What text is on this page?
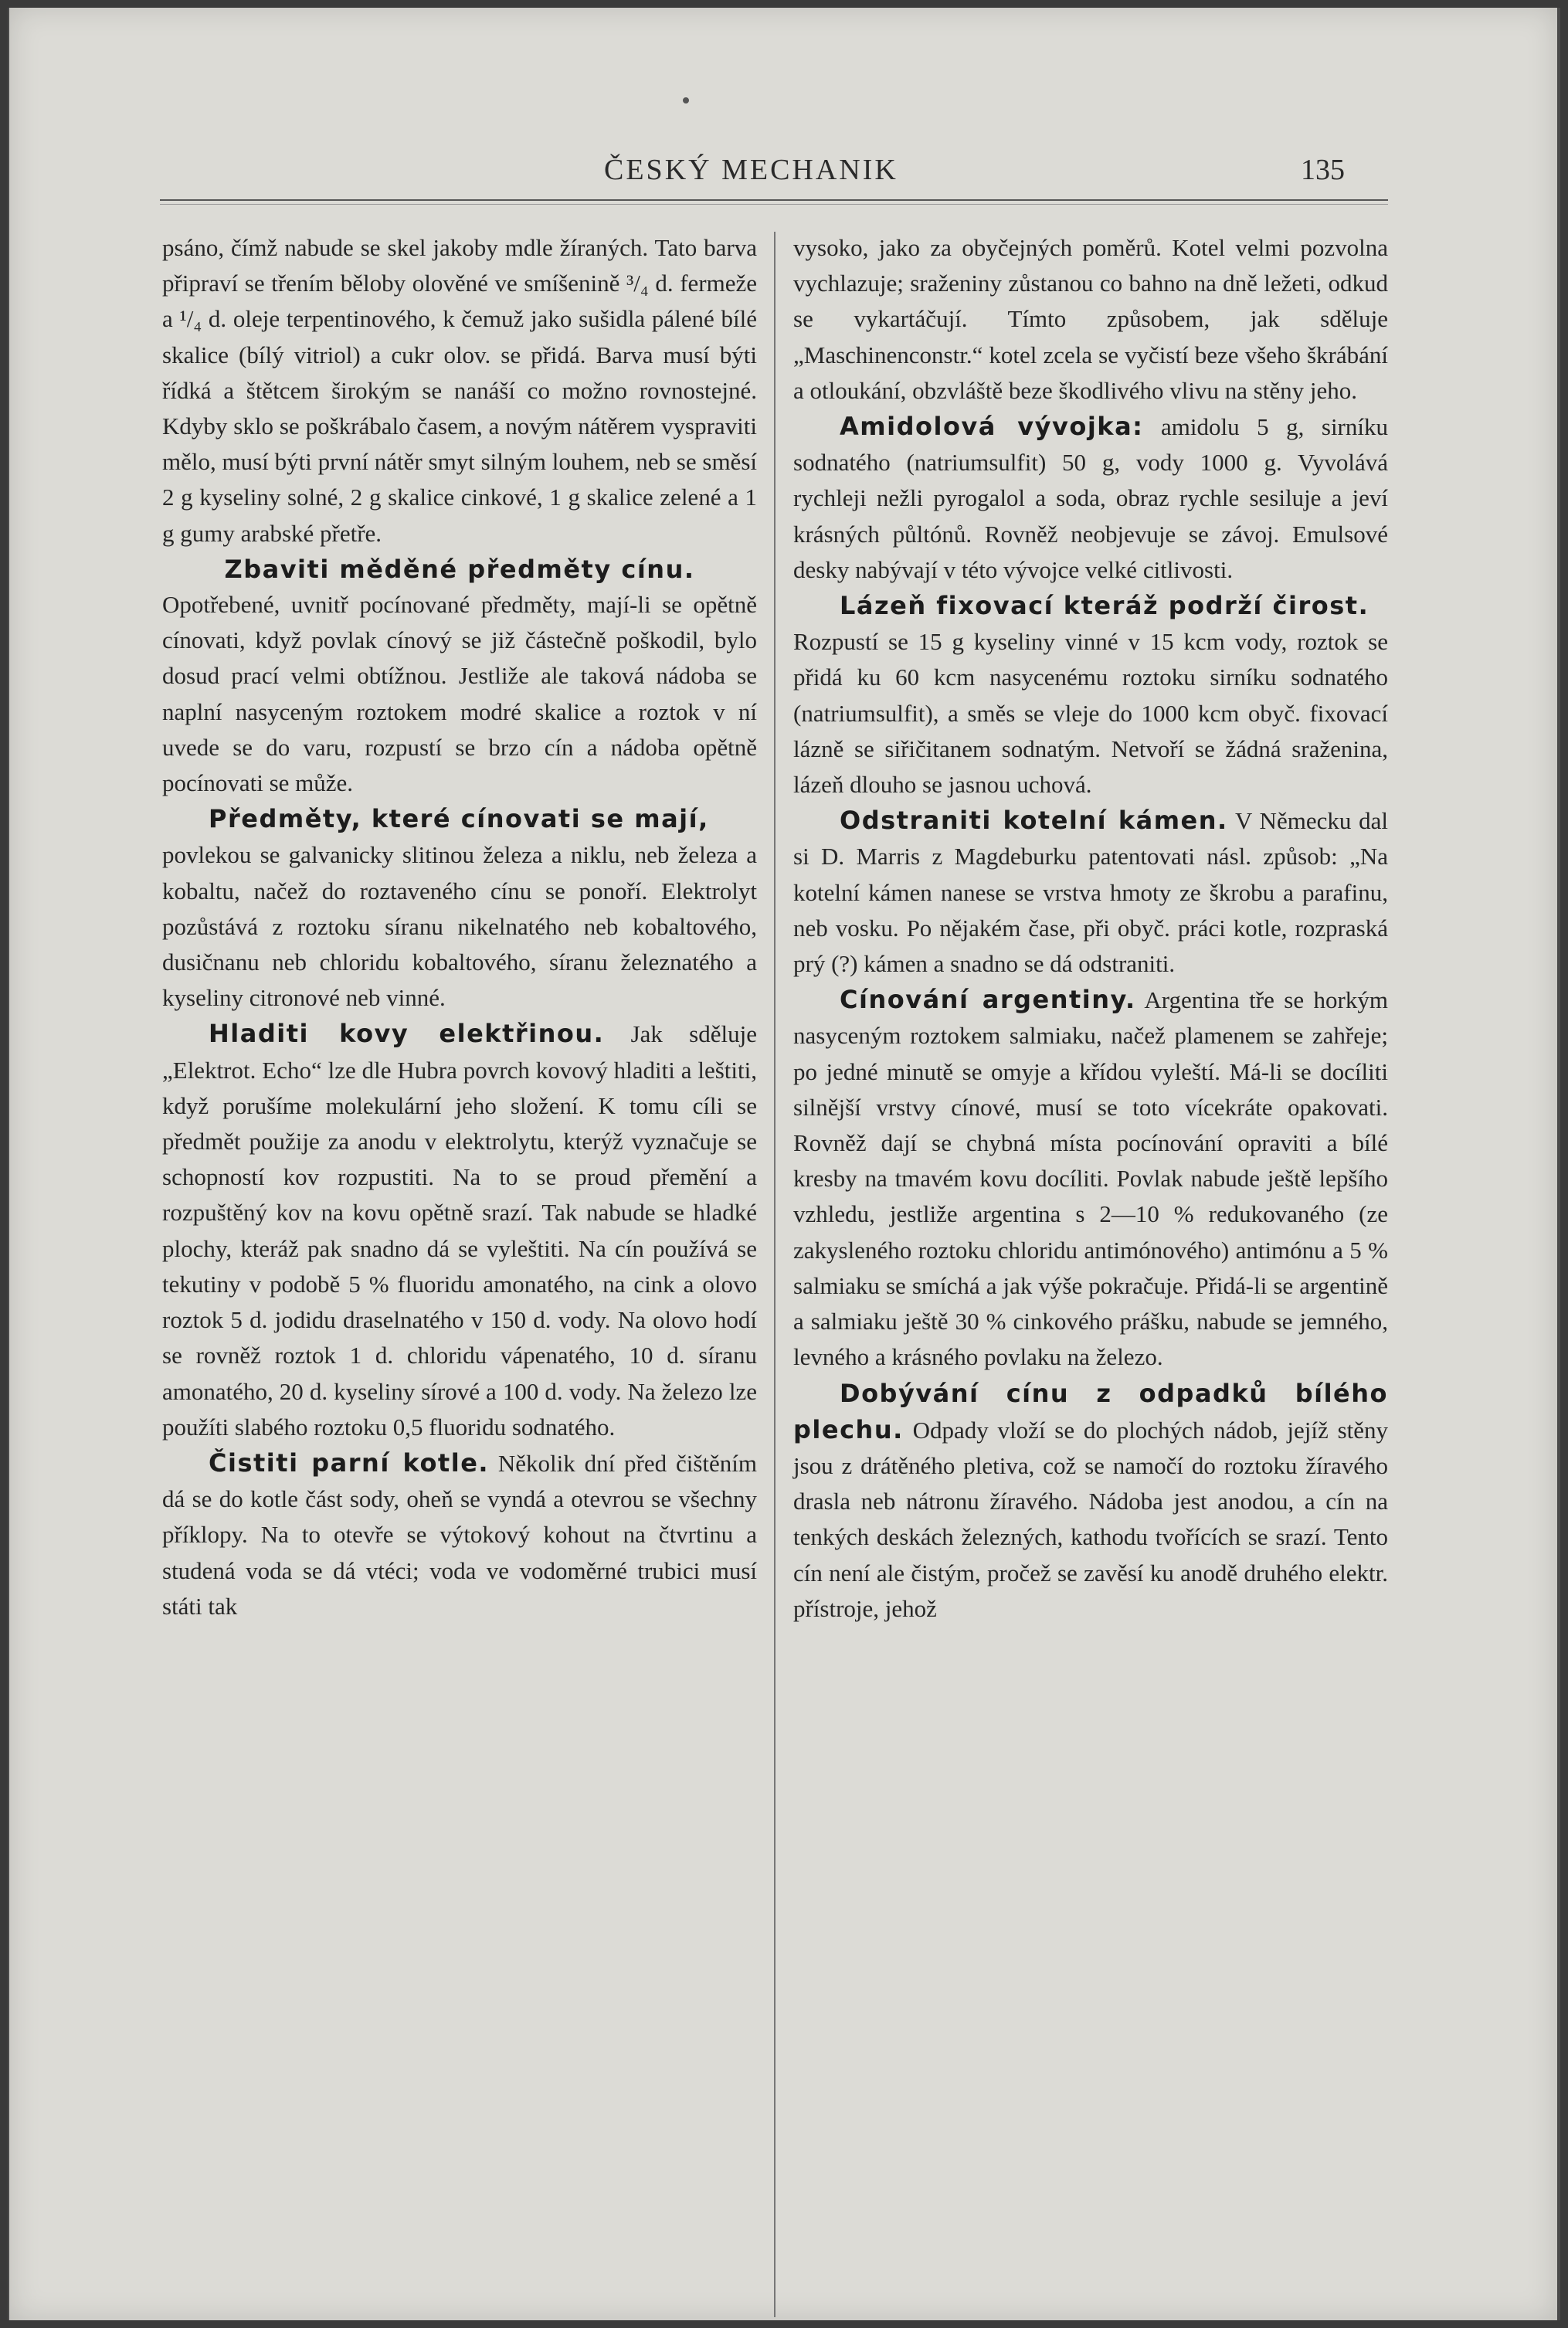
ČESKÝ MECHANIK	135

psáno, čímž nabude se skel jakoby mdle žíraných. Tato barva připraví se třením běloby olověné ve smíšenině ³/₄ d. fermeže a ¹/₄ d. oleje terpentinového, k čemuž jako sušidla pálené bílé skalice (bílý vitriol) a cukr olov. se přidá. Barva musí býti řídká a štětcem širokým se nanáší co možno rovnostejné. Kdyby sklo se poškrábalo časem, a novým nátěrem vyspraviti mělo, musí býti první nátěr smyt silným louhem, neb se směsí 2 g kyseliny solné, 2 g skalice cinkové, 1 g skalice zelené a 1 g gumy arabské přetře.

Zbaviti měděné předměty cínu.

Opotřebené, uvnitř pocínované předměty, mají-li se opětně cínovati, když povlak cínový se již částečně poškodil, bylo dosud prací velmi obtížnou. Jestliže ale taková nádoba se naplní nasyceným roztokem modré skalice a roztok v ní uvede se do varu, rozpustí se brzo cín a nádoba opětně pocínovati se může.

Předměty, které cínovati se mají,

povlekou se galvanicky slitinou železa a niklu, neb železa a kobaltu, načež do roztaveného cínu se ponoří. Elektrolyt pozůstává z roztoku síranu nikelnatého neb kobaltového, dusičnanu neb chloridu kobaltového, síranu železnatého a kyseliny citronové neb vinné.

Hladiti kovy elektřinou. Jak sděluje „Elektrot. Echo“ lze dle Hubra povrch kovový hladiti a leštiti, když porušíme molekulární jeho složení. K tomu cíli se předmět použije za anodu v elektrolytu, kterýž vyznačuje se schopností kov rozpustiti. Na to se proud přemění a rozpuštěný kov na kovu opětně srazí. Tak nabude se hladké plochy, kteráž pak snadno dá se vyleštiti. Na cín používá se tekutiny v podobě 5 % fluoridu amonatého, na cink a olovo roztok 5 d. jodidu draselnatého v 150 d. vody. Na olovo hodí se rovněž roztok 1 d. chloridu vápenatého, 10 d. síranu amonatého, 20 d. kyseliny sírové a 100 d. vody. Na železo lze použíti slabého roztoku 0,5 fluoridu sodnatého.

Čistiti parní kotle. Několik dní před čištěním dá se do kotle část sody, oheň se vyndá a otevrou se všechny příklopy. Na to otevře se výtokový kohout na čtvrtinu a studená voda se dá vtéci; voda ve vodoměrné trubici musí státi tak

vysoko, jako za obyčejných poměrů. Kotel velmi pozvolna vychlazuje; sraženiny zůstanou co bahno na dně ležeti, odkud se vykartáčují. Tímto způsobem, jak sděluje „Maschinenconstr.“ kotel zcela se vyčistí beze všeho škrábání a otloukání, obzvláště beze škodlivého vlivu na stěny jeho.

Amidolová vývojka: amidolu 5 g, sirníku sodnatého (natriumsulfit) 50 g, vody 1000 g. Vyvolává rychleji nežli pyrogalol a soda, obraz rychle sesiluje a jeví krásných půltónů. Rovněž neobjevuje se závoj. Emulsové desky nabývají v této vývojce velké citlivosti.

Lázeň fixovací kteráž podrží čirost.

Rozpustí se 15 g kyseliny vinné v 15 kcm vody, roztok se přidá ku 60 kcm nasycenému roztoku sirníku sodnatého (natriumsulfit), a směs se vleje do 1000 kcm obyč. fixovací lázně se siřičitanem sodnatým. Netvoří se žádná sraženina, lázeň dlouho se jasnou uchová.

Odstraniti kotelní kámen. V Německu dal si D. Marris z Magdeburku patentovati násl. způsob: „Na kotelní kámen nanese se vrstva hmoty ze škrobu a parafinu, neb vosku. Po nějakém čase, při obyč. práci kotle, rozpraská prý (?) kámen a snadno se dá odstraniti.

Cínování argentiny. Argentina tře se horkým nasyceným roztokem salmiaku, načež plamenem se zahřeje; po jedné minutě se omyje a křídou vyleští. Má-li se docíliti silnější vrstvy cínové, musí se toto vícekráte opakovati. Rovněž dají se chybná místa pocínování opraviti a bílé kresby na tmavém kovu docíliti. Povlak nabude ještě lepšího vzhledu, jestliže argentina s 2—10 % redukovaného (ze zakysleného roztoku chloridu antimónového) antimónu a 5 % salmiaku se smíchá a jak výše pokračuje. Přidá-li se argentině a salmiaku ještě 30 % cinkového prášku, nabude se jemného, levného a krásného povlaku na železo.

Dobývání cínu z odpadků bílého plechu. Odpady vloží se do plochých nádob, jejíž stěny jsou z drátěného pletiva, což se namočí do roztoku žíravého drasla neb nátronu žíravého. Nádoba jest anodou, a cín na tenkých deskách železných, kathodu tvořících se srazí. Tento cín není ale čistým, pročež se zavěsí ku anodě druhého elektr. přístroje, jehož
